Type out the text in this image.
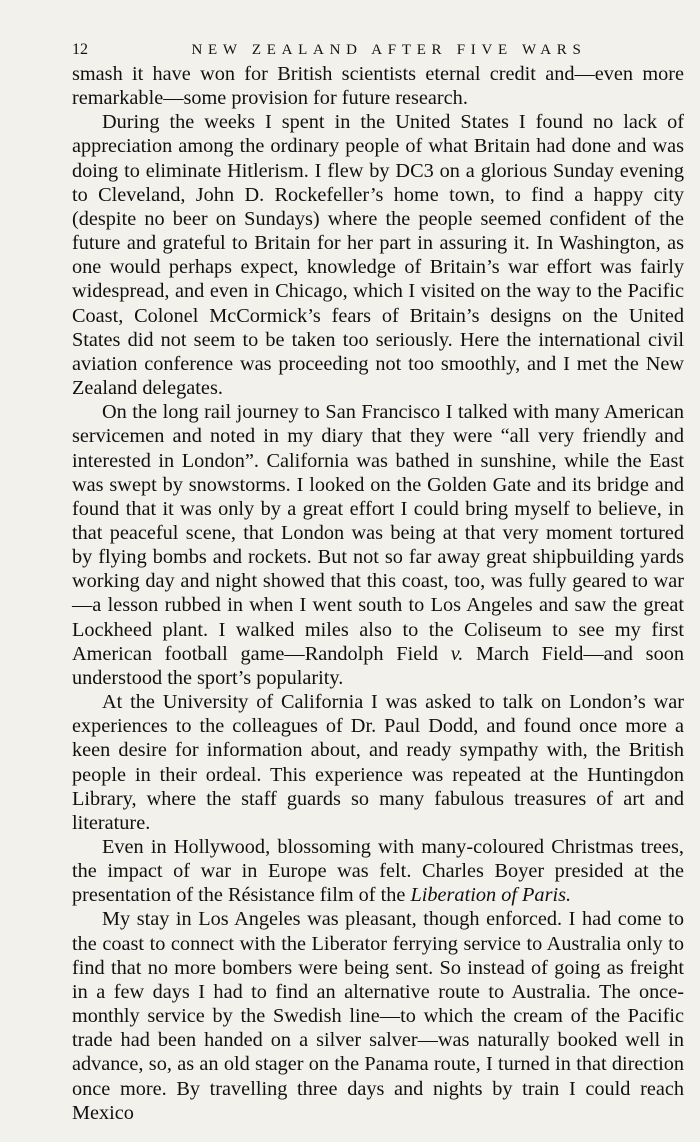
12	NEW ZEALAND AFTER FIVE WARS

smash it have won for British scientists eternal credit and—even more remarkable—some provision for future research.

During the weeks I spent in the United States I found no lack of appreciation among the ordinary people of what Britain had done and was doing to eliminate Hitlerism. I flew by DC3 on a glorious Sunday evening to Cleveland, John D. Rockefeller’s home town, to find a happy city (despite no beer on Sundays) where the people seemed confident of the future and grateful to Britain for her part in assuring it. In Washington, as one would perhaps expect, knowledge of Britain’s war effort was fairly widespread, and even in Chicago, which I visited on the way to the Pacific Coast, Colonel McCormick’s fears of Britain’s designs on the United States did not seem to be taken too seriously. Here the international civil aviation conference was proceeding not too smoothly, and I met the New Zealand delegates.

On the long rail journey to San Francisco I talked with many American servicemen and noted in my diary that they were “all very friendly and interested in London”. California was bathed in sunshine, while the East was swept by snowstorms. I looked on the Golden Gate and its bridge and found that it was only by a great effort I could bring myself to believe, in that peaceful scene, that London was being at that very moment tortured by flying bombs and rockets. But not so far away great shipbuilding yards working day and night showed that this coast, too, was fully geared to war—a lesson rubbed in when I went south to Los Angeles and saw the great Lockheed plant. I walked miles also to the Coliseum to see my first American football game—Randolph Field v. March Field—and soon understood the sport’s popularity.

At the University of California I was asked to talk on London’s war experiences to the colleagues of Dr. Paul Dodd, and found once more a keen desire for information about, and ready sympathy with, the British people in their ordeal. This experience was repeated at the Huntingdon Library, where the staff guards so many fabulous treasures of art and literature.

Even in Hollywood, blossoming with many-coloured Christmas trees, the impact of war in Europe was felt. Charles Boyer presided at the presentation of the Résistance film of the Liberation of Paris.

My stay in Los Angeles was pleasant, though enforced. I had come to the coast to connect with the Liberator ferrying service to Australia only to find that no more bombers were being sent. So instead of going as freight in a few days I had to find an alternative route to Australia. The once-monthly service by the Swedish line—to which the cream of the Pacific trade had been handed on a silver salver—was naturally booked well in advance, so, as an old stager on the Panama route, I turned in that direction once more. By travelling three days and nights by train I could reach Mexico
